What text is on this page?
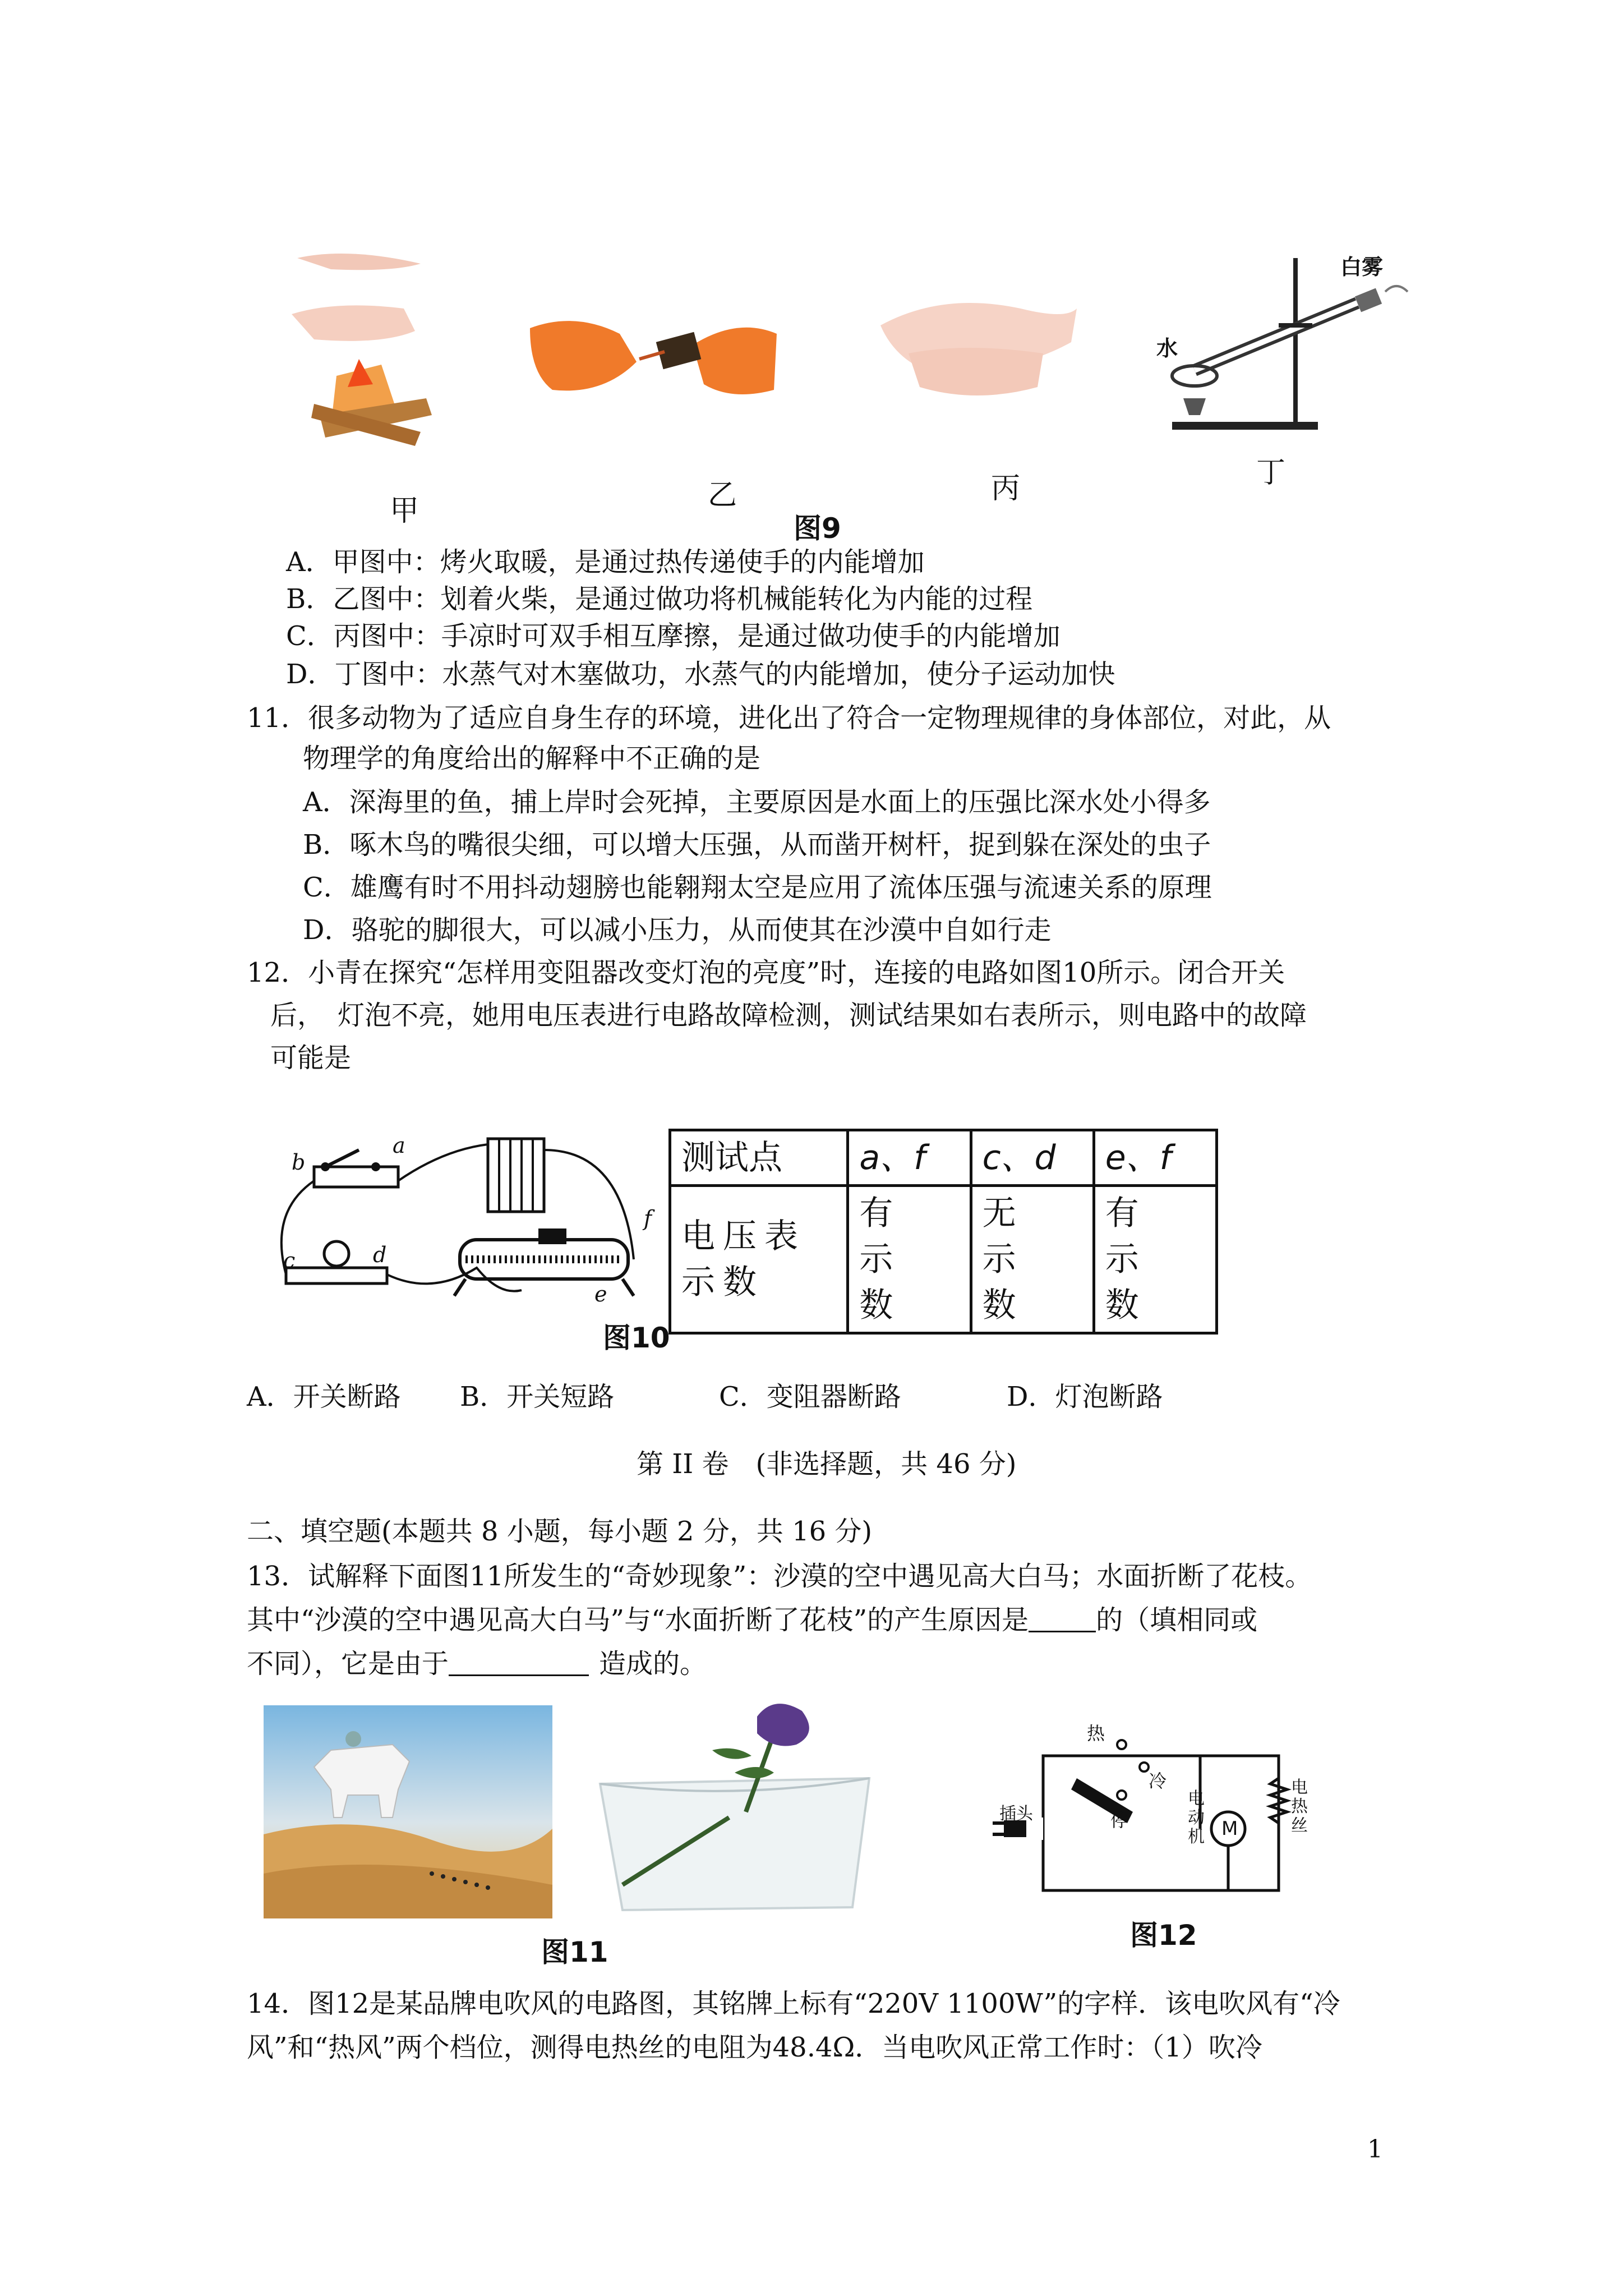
甲	乙	丙
白雾
水
丁
图9
A．甲图中：烤火取暖，是通过热传递使手的内能增加
B．乙图中：划着火柴，是通过做功将机械能转化为内能的过程
C．丙图中：手凉时可双手相互摩擦，是通过做功使手的内能增加
D．丁图中：水蒸气对木塞做功，水蒸气的内能增加，使分子运动加快
11．很多动物为了适应自身生存的环境，进化出了符合一定物理规律的身体部位，对此，从
物理学的角度给出的解释中不正确的是
A．深海里的鱼，捕上岸时会死掉，主要原因是水面上的压强比深水处小得多
B．啄木鸟的嘴很尖细，可以增大压强，从而凿开树杆，捉到躲在深处的虫子
C．雄鹰有时不用抖动翅膀也能翱翔太空是应用了流体压强与流速关系的原理
D．骆驼的脚很大，可以减小压力，从而使其在沙漠中自如行走
12．小青在探究“怎样用变阻器改变灯泡的亮度”时，连接的电路如图10所示。闭合开关
后，　灯泡不亮，她用电压表进行电路故障检测，测试结果如右表所示，则电路中的故障
可能是
b
a
c	d
e
f
测试点	a、f	c、d	e、f
电压表示数	有示数	无示数	有示数
图10
A．开关断路 B．开关短路	C．变阻器断路	D．灯泡断路
第 II 卷　(非选择题，共 46 分)
二、填空题(本题共 8 小题，每小题 2 分，共 16 分)
13．试解释下面图11所发生的“奇妙现象”：沙漠的空中遇见高大白马；水面折断了花枝。
其中“沙漠的空中遇见高大白马”与“水面折断了花枝”的产生原因是	的（填相同或
不同），它是由于	造成的。
图11
热
冷
停
插头
电动机 M
电热丝
图12
14．图12是某品牌电吹风的电路图，其铭牌上标有“220V 1100W”的字样．该电吹风有“冷
风”和“热风”两个档位，测得电热丝的电阻为48.4Ω．当电吹风正常工作时：（1）吹冷
1
